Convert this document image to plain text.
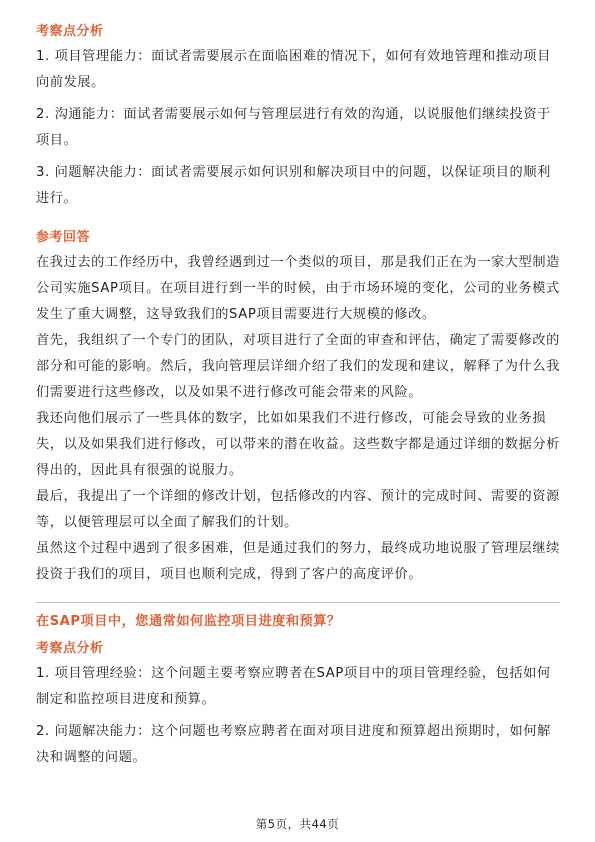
考察点分析

1. 项目管理能力：面试者需要展示在面临困难的情况下，如何有效地管理和推动项目向前发展。

2. 沟通能力：面试者需要展示如何与管理层进行有效的沟通，以说服他们继续投资于项目。

3. 问题解决能力：面试者需要展示如何识别和解决项目中的问题，以保证项目的顺利进行。

参考回答

在我过去的工作经历中，我曾经遇到过一个类似的项目，那是我们正在为一家大型制造公司实施SAP项目。在项目进行到一半的时候，由于市场环境的变化，公司的业务模式发生了重大调整，这导致我们的SAP项目需要进行大规模的修改。

首先，我组织了一个专门的团队，对项目进行了全面的审查和评估，确定了需要修改的部分和可能的影响。然后，我向管理层详细介绍了我们的发现和建议，解释了为什么我们需要进行这些修改，以及如果不进行修改可能会带来的风险。

我还向他们展示了一些具体的数字，比如如果我们不进行修改，可能会导致的业务损失，以及如果我们进行修改，可以带来的潜在收益。这些数字都是通过详细的数据分析得出的，因此具有很强的说服力。

最后，我提出了一个详细的修改计划，包括修改的内容、预计的完成时间、需要的资源等，以便管理层可以全面了解我们的计划。

虽然这个过程中遇到了很多困难，但是通过我们的努力，最终成功地说服了管理层继续投资于我们的项目，项目也顺利完成，得到了客户的高度评价。

在SAP项目中，您通常如何监控项目进度和预算？
考察点分析

1. 项目管理经验：这个问题主要考察应聘者在SAP项目中的项目管理经验，包括如何制定和监控项目进度和预算。

2. 问题解决能力：这个问题也考察应聘者在面对项目进度和预算超出预期时，如何解决和调整的问题。

第5页，共44页
